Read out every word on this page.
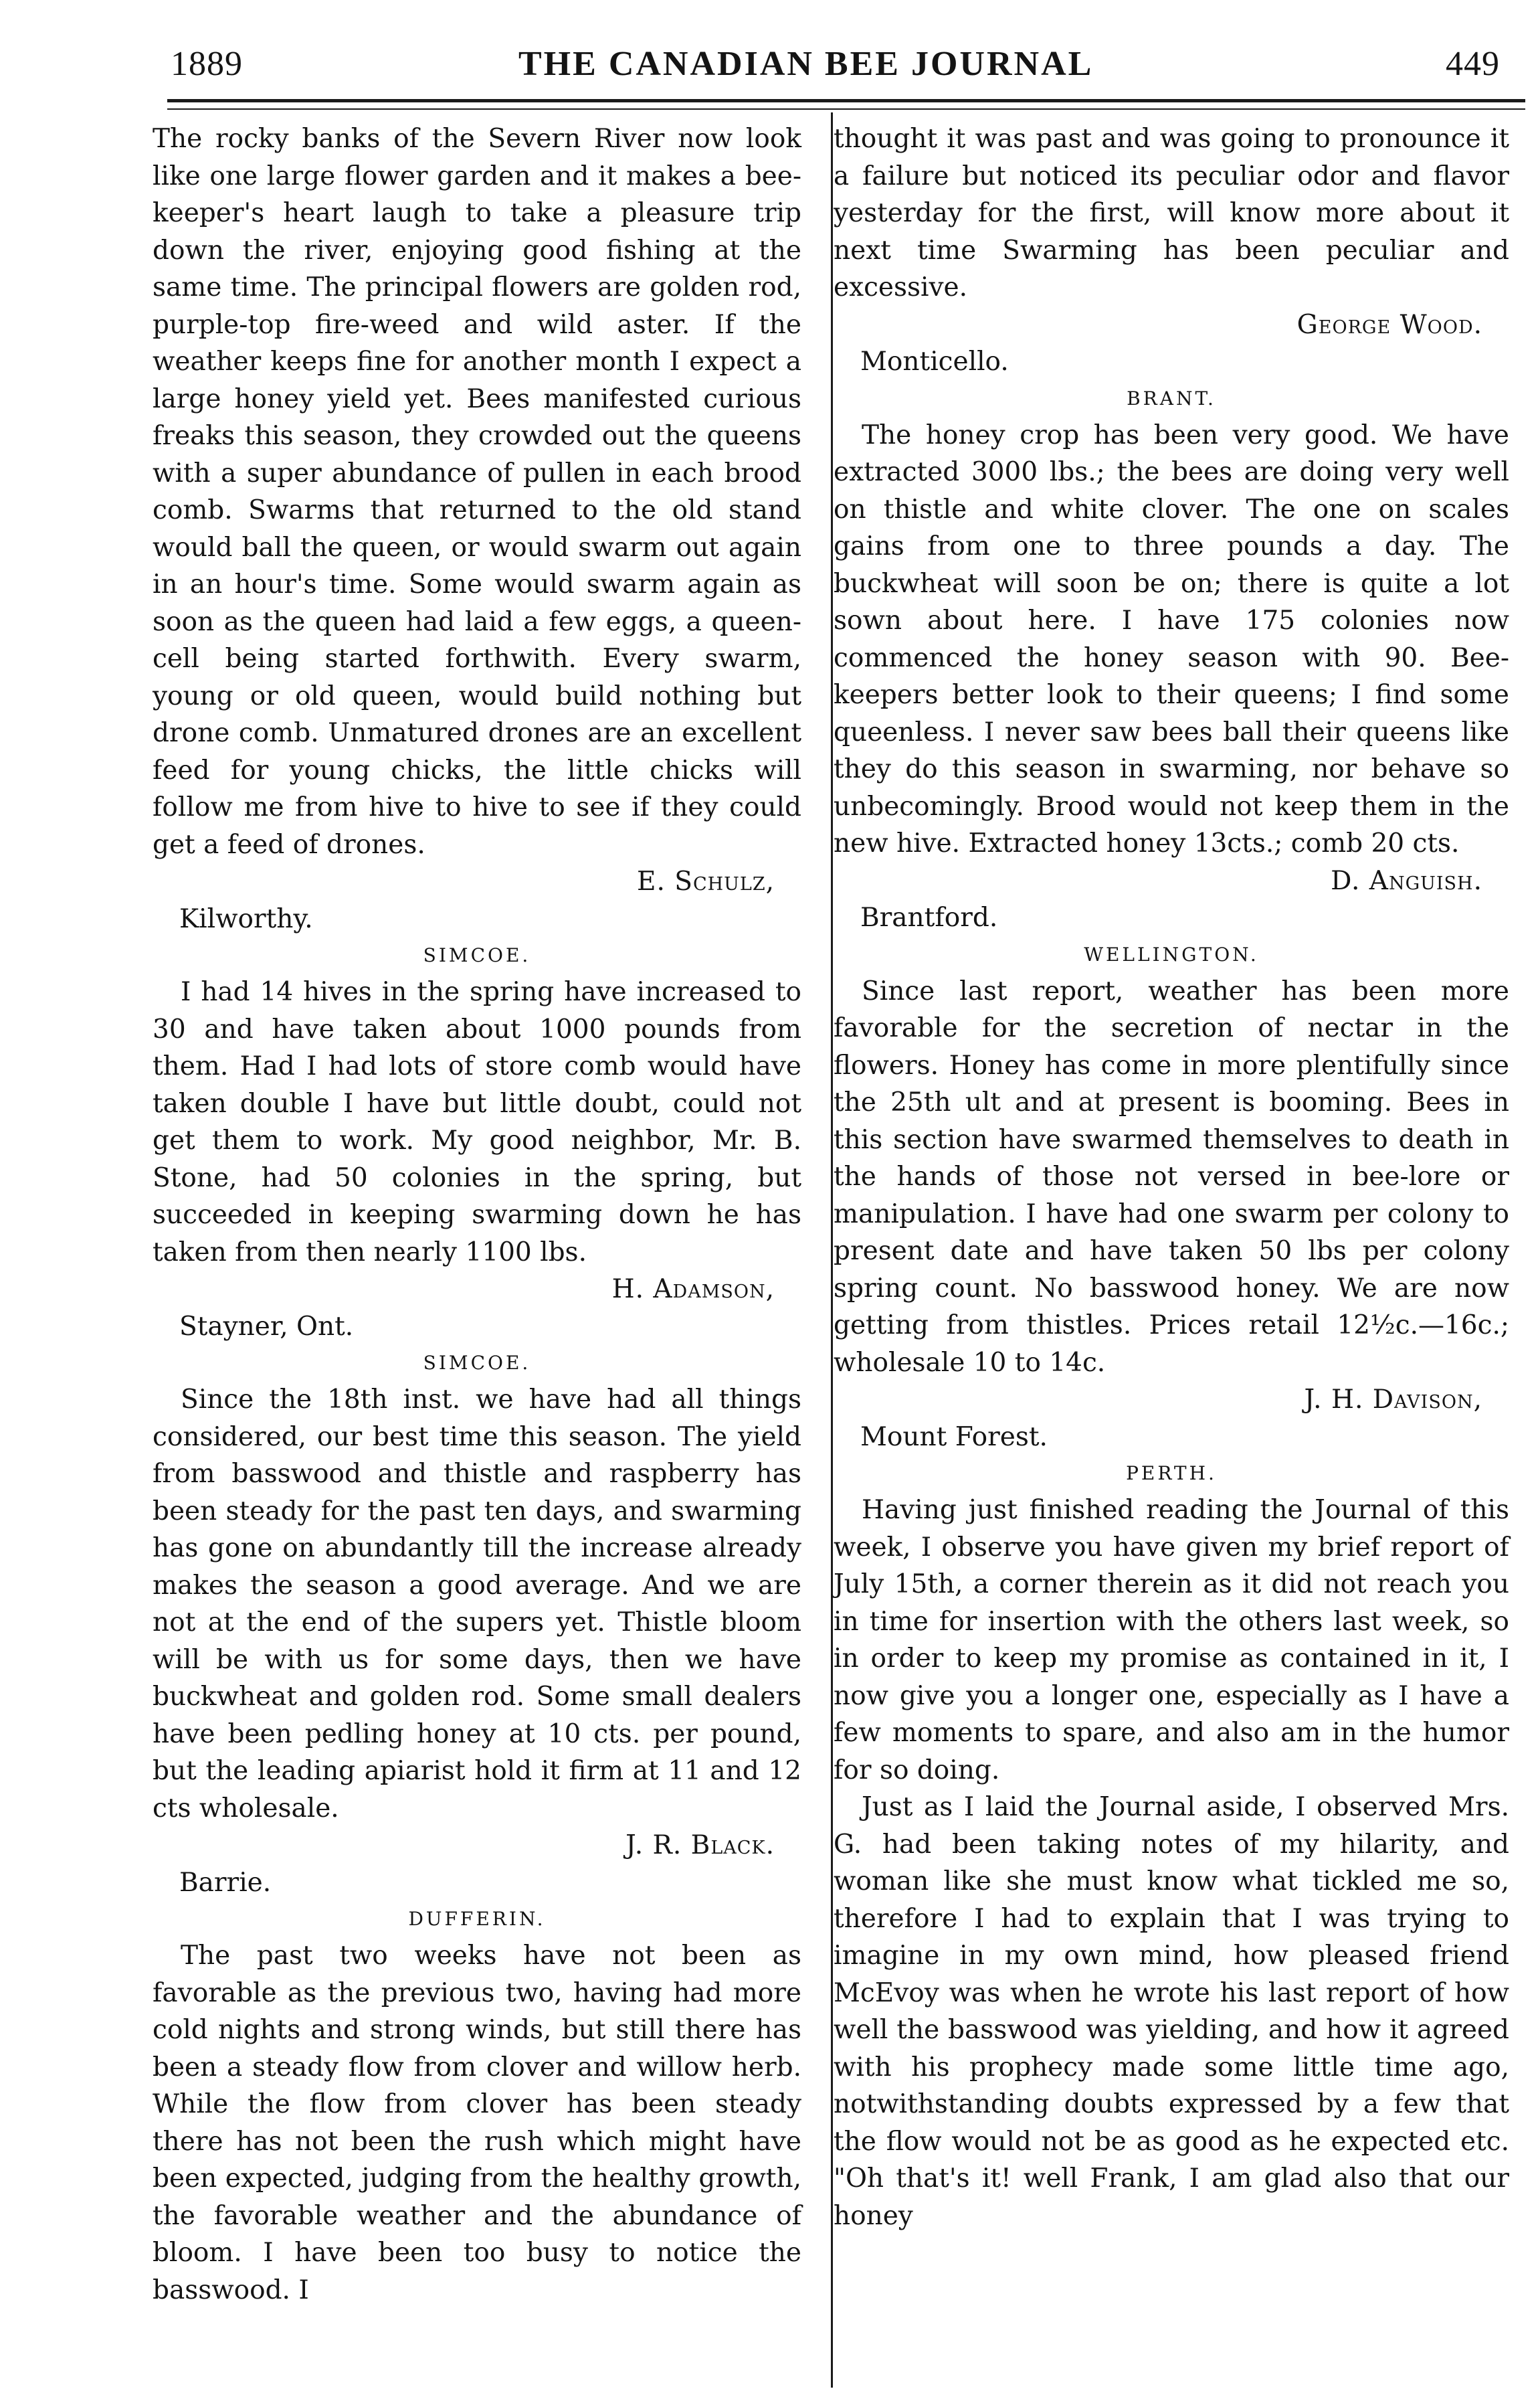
1889	THE CANADIAN BEE JOURNAL	449

The rocky banks of the Severn River now look like one large flower garden and it makes a bee-keeper's heart laugh to take a pleasure trip down the river, enjoying good fishing at the same time. The principal flowers are golden rod, purple-top fire-weed and wild aster. If the weather keeps fine for another month I expect a large honey yield yet. Bees manifested curious freaks this season, they crowded out the queens with a super abundance of pullen in each brood comb. Swarms that returned to the old stand would ball the queen, or would swarm out again in an hour's time. Some would swarm again as soon as the queen had laid a few eggs, a queen-cell being started forthwith. Every swarm, young or old queen, would build nothing but drone comb. Unmatured drones are an excellent feed for young chicks, the little chicks will follow me from hive to hive to see if they could get a feed of drones.

E. Schulz,

Kilworthy.

SIMCOE.

I had 14 hives in the spring have increased to 30 and have taken about 1000 pounds from them. Had I had lots of store comb would have taken double I have but little doubt, could not get them to work. My good neighbor, Mr. B. Stone, had 50 colonies in the spring, but succeeded in keeping swarming down he has taken from then nearly 1100 lbs.

H. Adamson,

Stayner, Ont.

SIMCOE.

Since the 18th inst. we have had all things considered, our best time this season. The yield from basswood and thistle and raspberry has been steady for the past ten days, and swarming has gone on abundantly till the increase already makes the season a good average. And we are not at the end of the supers yet. Thistle bloom will be with us for some days, then we have buckwheat and golden rod. Some small dealers have been pedling honey at 10 cts. per pound, but the leading apiarist hold it firm at 11 and 12 cts wholesale.

J. R. Black.

Barrie.

DUFFERIN.

The past two weeks have not been as favorable as the previous two, having had more cold nights and strong winds, but still there has been a steady flow from clover and willow herb. While the flow from clover has been steady there has not been the rush which might have been expected, judging from the healthy growth, the favorable weather and the abundance of bloom. I have been too busy to notice the basswood. I

thought it was past and was going to pronounce it a failure but noticed its peculiar odor and flavor yesterday for the first, will know more about it next time Swarming has been peculiar and excessive.

George Wood.

Monticello.

BRANT.

The honey crop has been very good. We have extracted 3000 lbs.; the bees are doing very well on thistle and white clover. The one on scales gains from one to three pounds a day. The buckwheat will soon be on; there is quite a lot sown about here. I have 175 colonies now commenced the honey season with 90. Bee-keepers better look to their queens; I find some queenless. I never saw bees ball their queens like they do this season in swarming, nor behave so unbecomingly. Brood would not keep them in the new hive. Extracted honey 13cts.; comb 20 cts.

D. Anguish.

Brantford.

WELLINGTON.

Since last report, weather has been more favorable for the secretion of nectar in the flowers. Honey has come in more plentifully since the 25th ult and at present is booming. Bees in this section have swarmed themselves to death in the hands of those not versed in bee-lore or manipulation. I have had one swarm per colony to present date and have taken 50 lbs per colony spring count. No basswood honey. We are now getting from thistles. Prices retail 12½c.—16c.; wholesale 10 to 14c.

J. H. Davison,

Mount Forest.

PERTH.

Having just finished reading the Journal of this week, I observe you have given my brief report of July 15th, a corner therein as it did not reach you in time for insertion with the others last week, so in order to keep my promise as contained in it, I now give you a longer one, especially as I have a few moments to spare, and also am in the humor for so doing.

Just as I laid the Journal aside, I observed Mrs. G. had been taking notes of my hilarity, and woman like she must know what tickled me so, therefore I had to explain that I was trying to imagine in my own mind, how pleased friend McEvoy was when he wrote his last report of how well the basswood was yielding, and how it agreed with his prophecy made some little time ago, notwithstanding doubts expressed by a few that the flow would not be as good as he expected etc. "Oh that's it! well Frank, I am glad also that our honey
